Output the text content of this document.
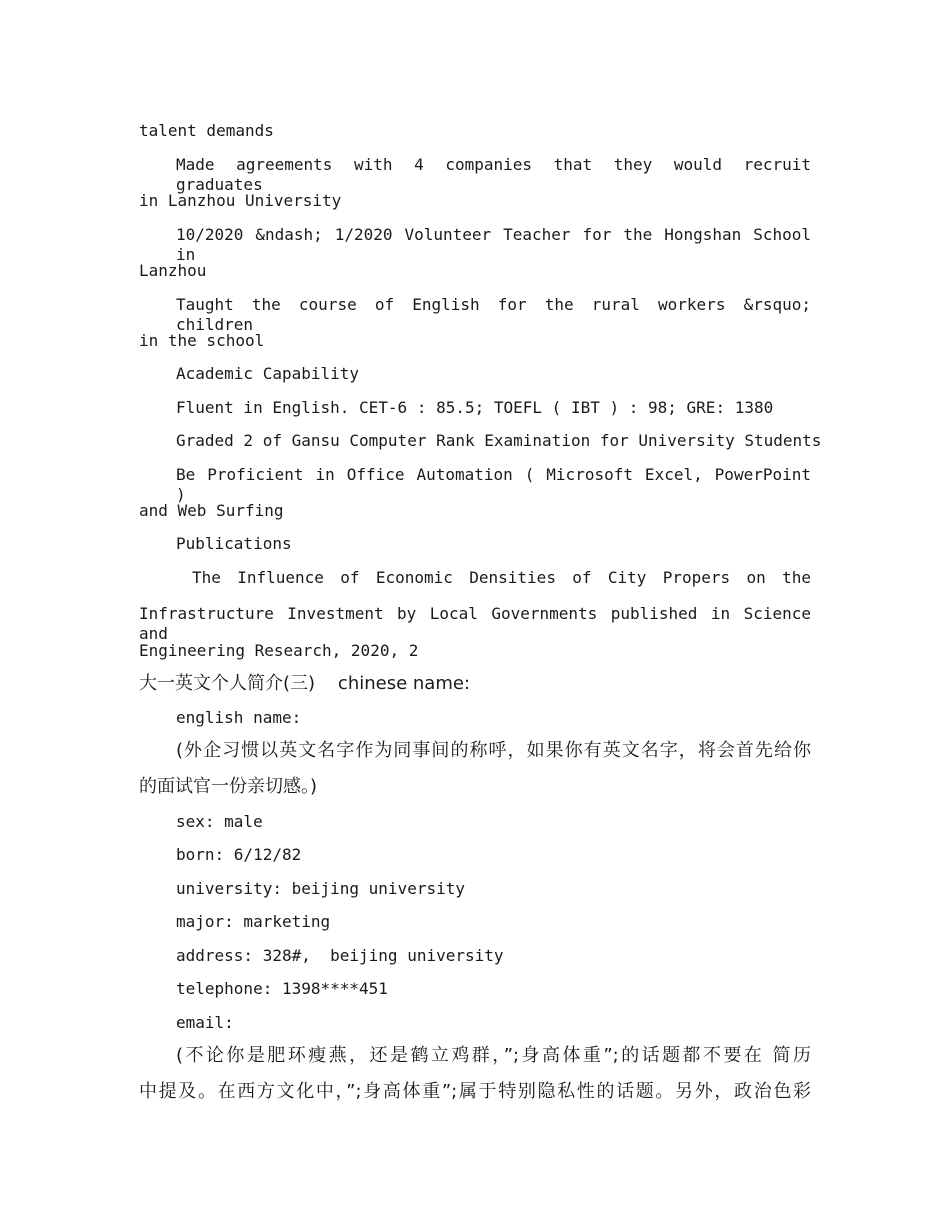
talent demands
Made agreements with 4 companies that they would recruit graduates
in Lanzhou University
10/2020 &ndash; 1/2020 Volunteer Teacher for the Hongshan School in
Lanzhou
Taught the course of English for the rural workers &rsquo; children
in the school
Academic Capability
Fluent in English. CET-6 : 85.5; TOEFL ( IBT ) : 98; GRE: 1380
Graded 2 of Gansu Computer Rank Examination for University Students
Be Proficient in Office Automation ( Microsoft Excel, PowerPoint )
and Web Surfing
Publications
The Influence of Economic Densities of City Propers on the
Infrastructure Investment by Local Governments published in Science and
Engineering Research, 2020, 2
大一英文个人简介(三)    chinese name:
english name:
(外企习惯以英文名字作为同事间的称呼，如果你有英文名字，将会首先给你
的面试官一份亲切感。)
sex: male
born: 6/12/82
university: beijing university
major: marketing
address: 328#,  beijing university
telephone: 1398****451
email:
(不论你是肥环瘦燕，还是鹤立鸡群，”;身高体重”;的话题都不要在 简历
中提及。在西方文化中，”;身高体重”;属于特别隐私性的话题。另外，政治色彩
